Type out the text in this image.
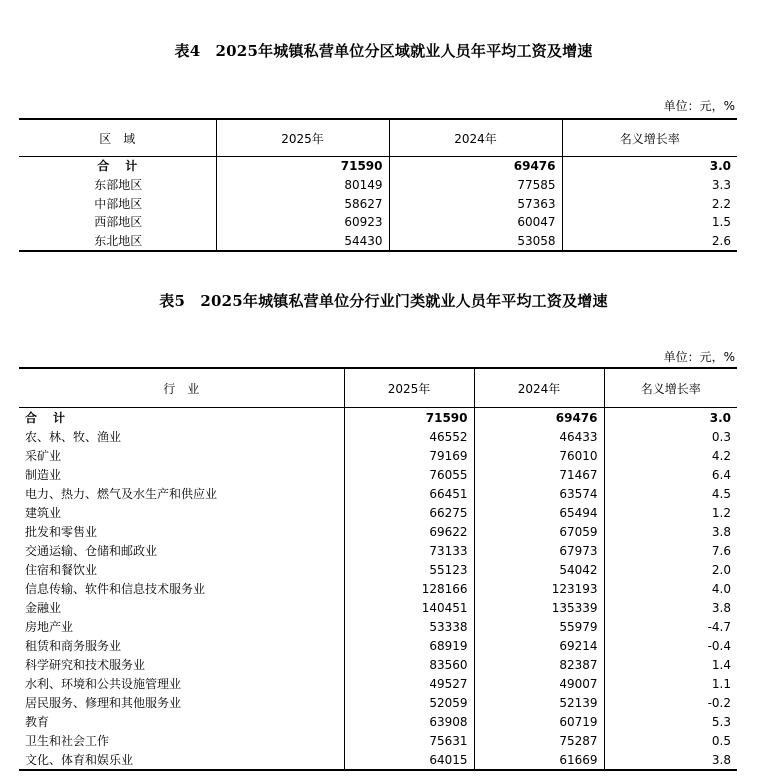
表4　2025年城镇私营单位分区域就业人员年平均工资及增速
单位：元，%
区　域	2025年	2024年	名义增长率
合　计	71590	69476	3.0
东部地区	80149	77585	3.3
中部地区	58627	57363	2.2
西部地区	60923	60047	1.5
东北地区	54430	53058	2.6
表5　2025年城镇私营单位分行业门类就业人员年平均工资及增速
单位：元，%
行　业	2025年	2024年	名义增长率
合　计	71590	69476	3.0
农、林、牧、渔业	46552	46433	0.3
采矿业	79169	76010	4.2
制造业	76055	71467	6.4
电力、热力、燃气及水生产和供应业	66451	63574	4.5
建筑业	66275	65494	1.2
批发和零售业	69622	67059	3.8
交通运输、仓储和邮政业	73133	67973	7.6
住宿和餐饮业	55123	54042	2.0
信息传输、软件和信息技术服务业	128166	123193	4.0
金融业	140451	135339	3.8
房地产业	53338	55979	-4.7
租赁和商务服务业	68919	69214	-0.4
科学研究和技术服务业	83560	82387	1.4
水利、环境和公共设施管理业	49527	49007	1.1
居民服务、修理和其他服务业	52059	52139	-0.2
教育	63908	60719	5.3
卫生和社会工作	75631	75287	0.5
文化、体育和娱乐业	64015	61669	3.8
